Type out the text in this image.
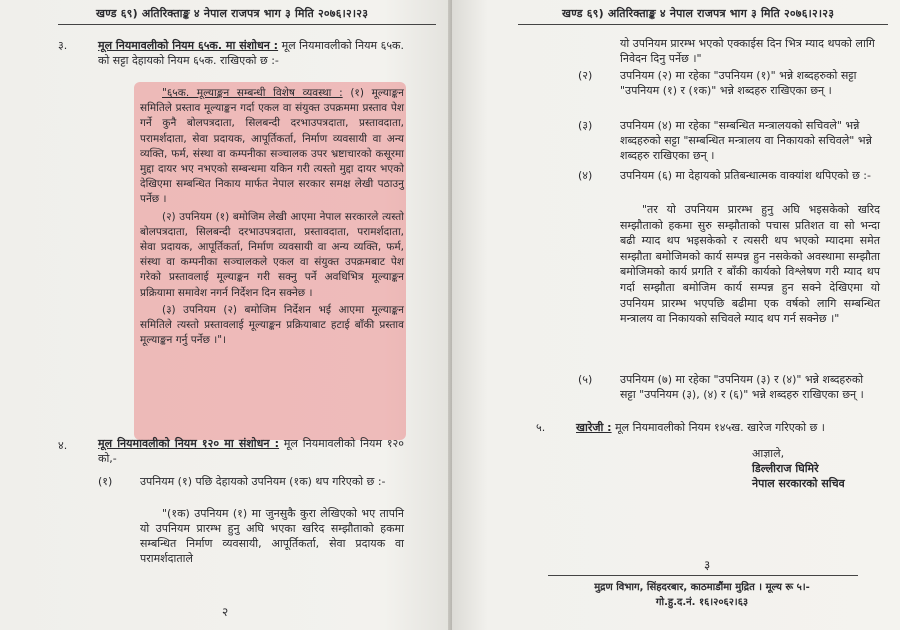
खण्ड ६९) अतिरिक्ताङ्क ४ नेपाल राजपत्र भाग ३ मिति २०७६।२।२३
३.	मूल नियमावलीको नियम ६५क. मा संशोधन : मूल नियमावलीको नियम ६५क. को सट्टा देहायको नियम ६५क. राखिएको छ :-

"६५क. मूल्याङ्कन सम्बन्धी विशेष व्यवस्था : (१) मूल्याङ्कन समितिले प्रस्ताव मूल्याङ्कन गर्दा एकल वा संयुक्त उपक्रममा प्रस्ताव पेश गर्ने कुनै बोलपत्रदाता, सिलबन्दी दरभाउपत्रदाता, प्रस्तावदाता, परामर्शदाता, सेवा प्रदायक, आपूर्तिकर्ता, निर्माण व्यवसायी वा अन्य व्यक्ति, फर्म, संस्था वा कम्पनीका सञ्चालक उपर भ्रष्टाचारको कसूरमा मुद्दा दायर भए नभएको सम्बन्धमा यकिन गरी त्यस्तो मुद्दा दायर भएको देखिएमा सम्बन्धित निकाय मार्फत नेपाल सरकार समक्ष लेखी पठाउनु पर्नेछ ।

(२) उपनियम (१) बमोजिम लेखी आएमा नेपाल सरकारले त्यस्तो बोलपत्रदाता, सिलबन्दी दरभाउपत्रदाता, प्रस्तावदाता, परामर्शदाता, सेवा प्रदायक, आपूर्तिकर्ता, निर्माण व्यवसायी वा अन्य व्यक्ति, फर्म, संस्था वा कम्पनीका सञ्चालकले एकल वा संयुक्त उपक्रमबाट पेश गरेको प्रस्तावलाई मूल्याङ्कन गरी सक्नु पर्ने अवधिभित्र मूल्याङ्कन प्रक्रियामा समावेश नगर्न निर्देशन दिन सक्नेछ ।

(३) उपनियम (२) बमोजिम निर्देशन भई आएमा मूल्याङ्कन समितिले त्यस्तो प्रस्तावलाई मूल्याङ्कन प्रक्रियाबाट हटाई बाँकी प्रस्ताव मूल्याङ्कन गर्नु पर्नेछ ।"।

४.	मूल नियमावलीको नियम १२० मा संशोधन : मूल नियमावलीको नियम १२० को,-

(१)	उपनियम (१) पछि देहायको उपनियम (१क) थप गरिएको छ :-

"(१क) उपनियम (१) मा जुनसुकै कुरा लेखिएको भए तापनि यो उपनियम प्रारम्भ हुनु अघि भएका खरिद सम्झौताको हकमा सम्बन्धित निर्माण व्यवसायी, आपूर्तिकर्ता, सेवा प्रदायक वा परामर्शदाताले

२
खण्ड ६९) अतिरिक्ताङ्क ४ नेपाल राजपत्र भाग ३ मिति २०७६।२।२३
यो उपनियम प्रारम्भ भएको एक्काईस दिन भित्र म्याद थपको लागि निवेदन दिनु पर्नेछ ।"
(२)	उपनियम (२) मा रहेका "उपनियम (१)" भन्ने शब्दहरुको सट्टा "उपनियम (१) र (१क)" भन्ने शब्दहरु राखिएका छन् ।
(३)	उपनियम (४) मा रहेका "सम्बन्धित मन्त्रालयको सचिवले" भन्ने शब्दहरुको सट्टा "सम्बन्धित मन्त्रालय वा निकायको सचिवले" भन्ने शब्दहरु राखिएका छन् ।
(४)	उपनियम (६) मा देहायको प्रतिबन्धात्मक वाक्यांश थपिएको छ :-

"तर यो उपनियम प्रारम्भ हुनु अघि भइसकेको खरिद सम्झौताको हकमा सुरु सम्झौताको पचास प्रतिशत वा सो भन्दा बढी म्याद थप भइसकेको र त्यसरी थप भएको म्यादमा समेत सम्झौता बमोजिमको कार्य सम्पन्न हुन नसकेको अवस्थामा सम्झौता बमोजिमको कार्य प्रगति र बाँकी कार्यको विश्लेषण गरी म्याद थप गर्दा सम्झौता बमोजिम कार्य सम्पन्न हुन सक्ने देखिएमा यो उपनियम प्रारम्भ भएपछि बढीमा एक वर्षको लागि सम्बन्धित मन्त्रालय वा निकायको सचिवले म्याद थप गर्न सक्नेछ ।"

(५)	उपनियम (७) मा रहेका "उपनियम (३) र (४)" भन्ने शब्दहरुको सट्टा "उपनियम (३), (४) र (६)" भन्ने शब्दहरु राखिएका छन् ।
५.	खारेजी : मूल नियमावलीको नियम १४५ख. खारेज गरिएको छ ।
आज्ञाले,
डिल्लीराज घिमिरे
नेपाल सरकारको सचिव
३
मुद्रण विभाग, सिंहदरबार, काठमाडौंमा मुद्रित । मूल्य रू ५।-
गो.हु.द.नं. १६।२०६२।६३
